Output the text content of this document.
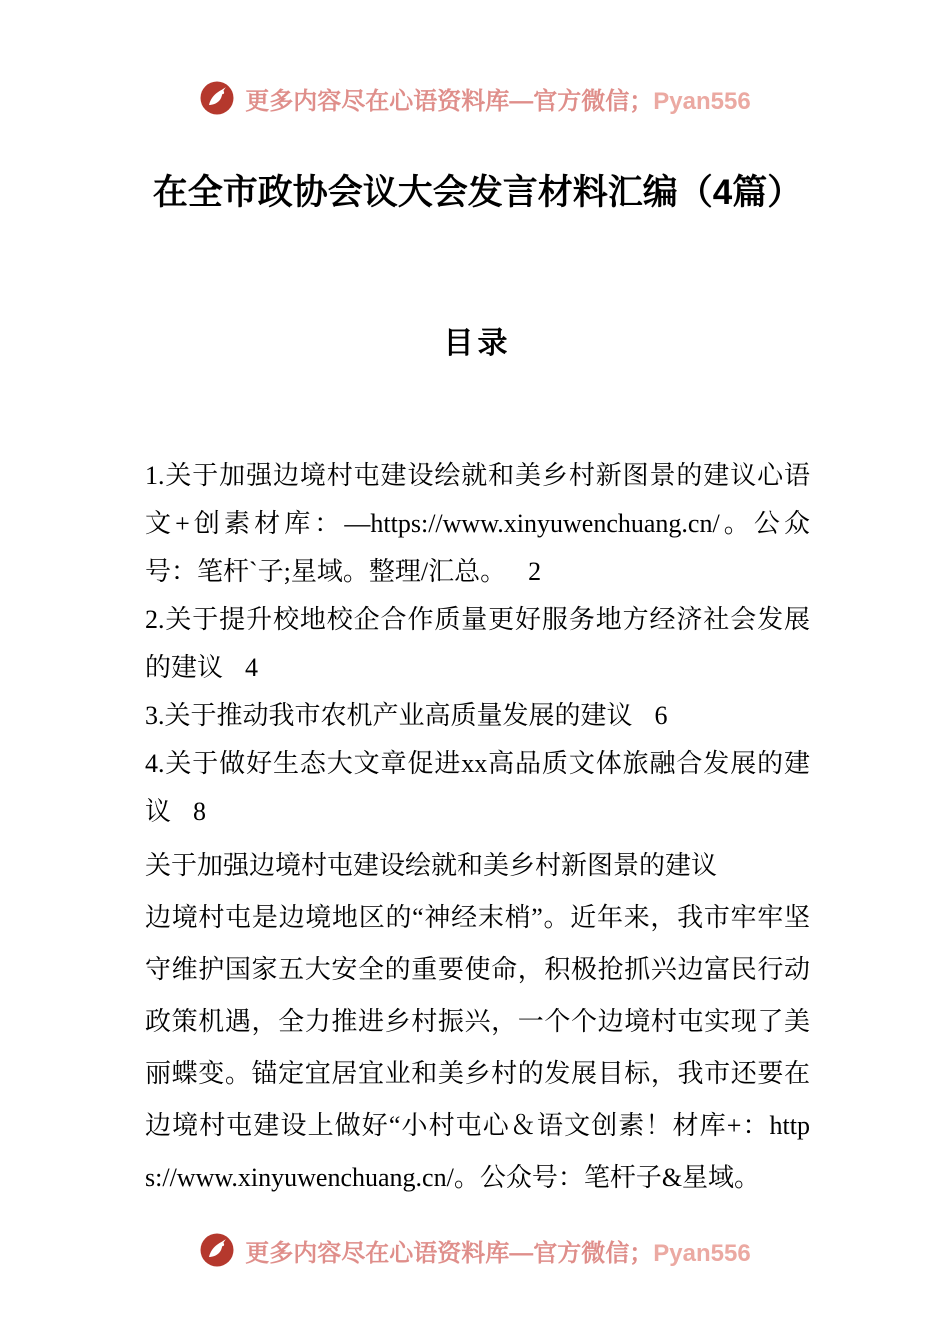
更多内容尽在心语资料库—官方微信；Pyan556
在全市政协会议大会发言材料汇编（4篇）
目录

1.关于加强边境村屯建设绘就和美乡村新图景的建议心语文+创素材库：—https://www.xinyuwenchuang.cn/。公众号：笔杆`子;星域。整理/汇总。 2

2.关于提升校地校企合作质量更好服务地方经济社会发展的建议 4

3.关于推动我市农机产业高质量发展的建议 6

4.关于做好生态大文章促进xx高品质文体旅融合发展的建议 8

关于加强边境村屯建设绘就和美乡村新图景的建议

边境村屯是边境地区的“神经末梢”。近年来，我市牢牢坚守维护国家五大安全的重要使命，积极抢抓兴边富民行动政策机遇，全力推进乡村振兴，一个个边境村屯实现了美丽蝶变。锚定宜居宜业和美乡村的发展目标，我市还要在边境村屯建设上做好“小村屯心＆语文创素！材库+：https://www.xinyuwenchuang.cn/。公众号：笔杆子&星域。

更多内容尽在心语资料库—官方微信；Pyan556
